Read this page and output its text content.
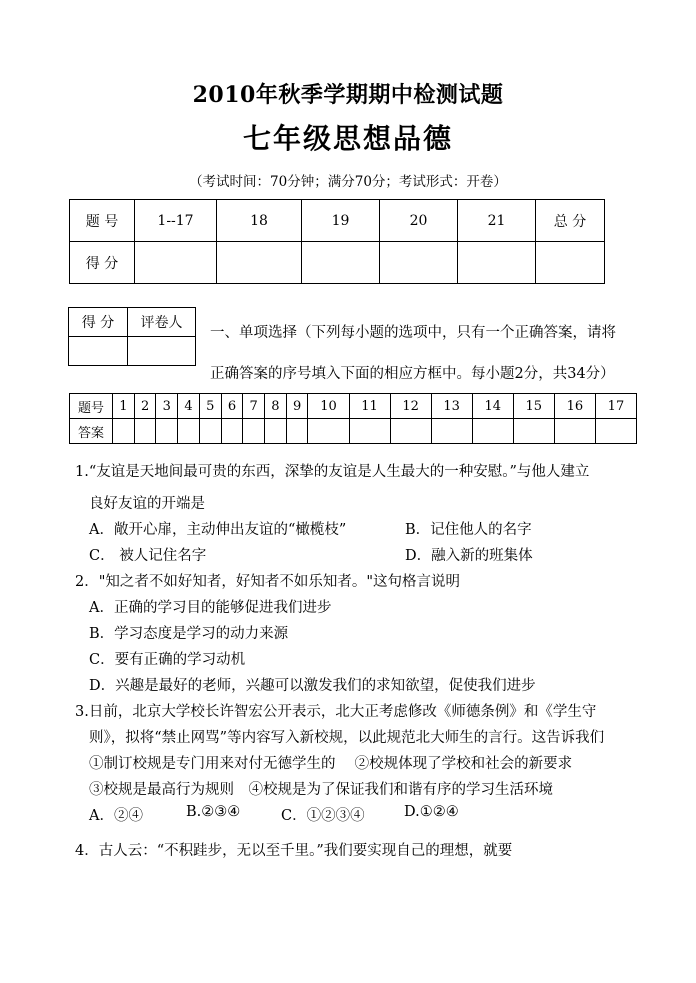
2010年秋季学期期中检测试题
七年级思想品德
（考试时间：70分钟；满分70分；考试形式：开卷）
题 号	1--17	18	19	20	21	总 分
得 分						
得 分	评卷人

一、单项选择（下列每小题的选项中，只有一个正确答案，请将
正确答案的序号填入下面的相应方框中。每小题2分，共34分）
题号	1	2	3	4	5	6	7	8	9	10	11	12	13	14	15	16	17
答案																	
1.“友谊是天地间最可贵的东西，深挚的友谊是人生最大的一种安慰。”与他人建立
良好友谊的开端是
A．敞开心扉，主动伸出友谊的“橄榄枝”	B．记住他人的名字
C． 被人记住名字	D．融入新的班集体
2．"知之者不如好知者，好知者不如乐知者。"这句格言说明
A．正确的学习目的能够促进我们进步
B．学习态度是学习的动力来源
C．要有正确的学习动机
D．兴趣是最好的老师，兴趣可以激发我们的求知欲望，促使我们进步
3.日前，北京大学校长许智宏公开表示，北大正考虑修改《师德条例》和《学生守
则》，拟将“禁止网骂”等内容写入新校规，以此规范北大师生的言行。这告诉我们
①制订校规是专门用来对付无德学生的　 ②校规体现了学校和社会的新要求
③校规是最高行为规则　④校规是为了保证我们和谐有序的学习生活环境
A．②④	B.②③④	C．①②③④	D.①②④
4．古人云：“不积跬步，无以至千里。”我们要实现自己的理想，就要
